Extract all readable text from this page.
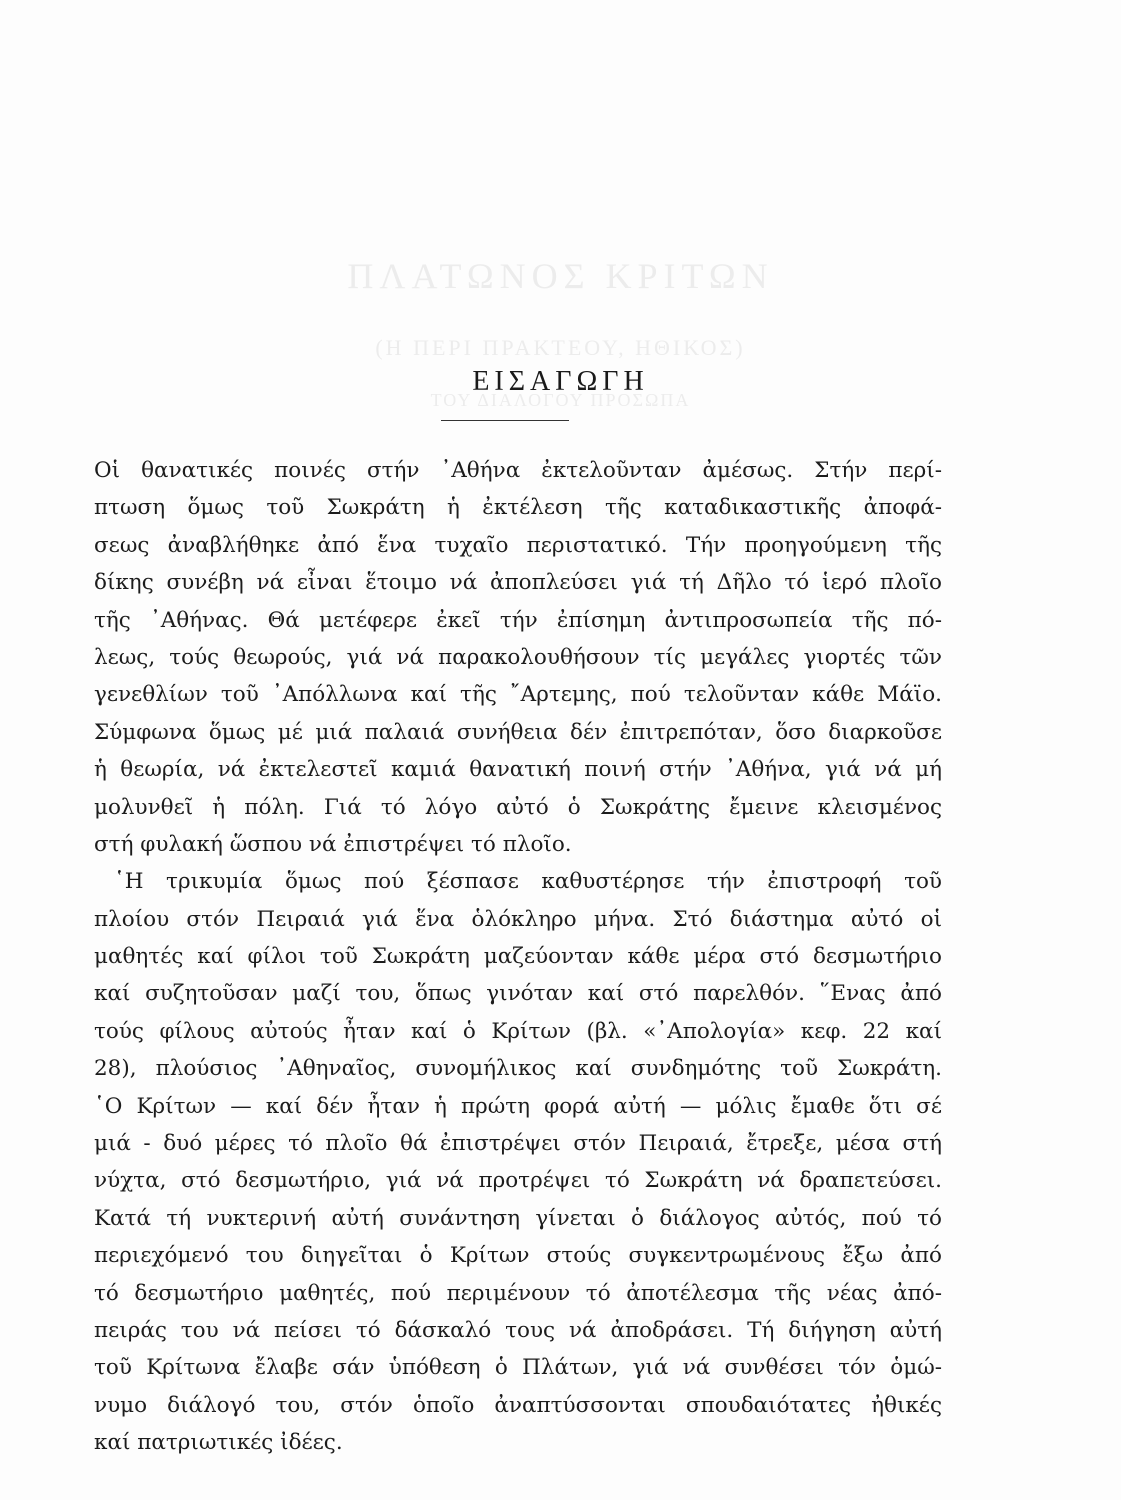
ΠΛΑΤΩΝΟΣ ΚΡΙΤΩΝ
(Η ΠΕΡΙ ΠΡΑΚΤΕΟΥ, ΗΘΙΚΟΣ)
ΤΟΥ ΔΙΑΛΟΓΟΥ ΠΡΟΣΩΠΑ
ΕΙΣΑΓΩΓΗ
Οἱ θανατικές ποινές στήν ᾿Αθήνα ἐκτελοῦνταν ἀμέσως. Στήν περί-
πτωση ὅμως τοῦ Σωκράτη ἡ ἐκτέλεση τῆς καταδικαστικῆς ἀποφά-
σεως ἀναβλήθηκε ἀπό ἕνα τυχαῖο περιστατικό. Τήν προηγούμενη τῆς
δίκης συνέβη νά εἶναι ἕτοιμο νά ἀποπλεύσει γιά τή Δῆλο τό ἱερό πλοῖο
τῆς ᾿Αθήνας. Θά μετέφερε ἐκεῖ τήν ἐπίσημη ἀντιπροσωπεία τῆς πό-
λεως, τούς θεωρούς, γιά νά παρακολουθήσουν τίς μεγάλες γιορτές τῶν
γενεθλίων τοῦ ᾿Απόλλωνα καί τῆς ῎Αρτεμης, πού τελοῦνταν κάθε Μάϊο.
Σύμφωνα ὅμως μέ μιά παλαιά συνήθεια δέν ἐπιτρεπόταν, ὅσο διαρκοῦσε
ἡ θεωρία, νά ἐκτελεστεῖ καμιά θανατική ποινή στήν ᾿Αθήνα, γιά νά μή
μολυνθεῖ ἡ πόλη. Γιά τό λόγο αὐτό ὁ Σωκράτης ἔμεινε κλεισμένος
στή φυλακή ὥσπου νά ἐπιστρέψει τό πλοῖο.
῾Η τρικυμία ὅμως πού ξέσπασε καθυστέρησε τήν ἐπιστροφή τοῦ
πλοίου στόν Πειραιά γιά ἕνα ὁλόκληρο μήνα. Στό διάστημα αὐτό οἱ
μαθητές καί φίλοι τοῦ Σωκράτη μαζεύονταν κάθε μέρα στό δεσμωτήριο
καί συζητοῦσαν μαζί του, ὅπως γινόταν καί στό παρελθόν. ῞Ενας ἀπό
τούς φίλους αὐτούς ἦταν καί ὁ Κρίτων (βλ. «᾿Απολογία» κεφ. 22 καί
28), πλούσιος ᾿Αθηναῖος, συνομήλικος καί συνδημότης τοῦ Σωκράτη.
῾Ο Κρίτων — καί δέν ἦταν ἡ πρώτη φορά αὐτή — μόλις ἔμαθε ὅτι σέ
μιά - δυό μέρες τό πλοῖο θά ἐπιστρέψει στόν Πειραιά, ἔτρεξε, μέσα στή
νύχτα, στό δεσμωτήριο, γιά νά προτρέψει τό Σωκράτη νά δραπετεύσει.
Κατά τή νυκτερινή αὐτή συνάντηση γίνεται ὁ διάλογος αὐτός, πού τό
περιεχόμενό του διηγεῖται ὁ Κρίτων στούς συγκεντρωμένους ἔξω ἀπό
τό δεσμωτήριο μαθητές, πού περιμένουν τό ἀποτέλεσμα τῆς νέας ἀπό-
πειράς του νά πείσει τό δάσκαλό τους νά ἀποδράσει. Τή διήγηση αὐτή
τοῦ Κρίτωνα ἔλαβε σάν ὑπόθεση ὁ Πλάτων, γιά νά συνθέσει τόν ὁμώ-
νυμο διάλογό του, στόν ὁποῖο ἀναπτύσσονται σπουδαιότατες ἠθικές
καί πατριωτικές ἰδέες.
